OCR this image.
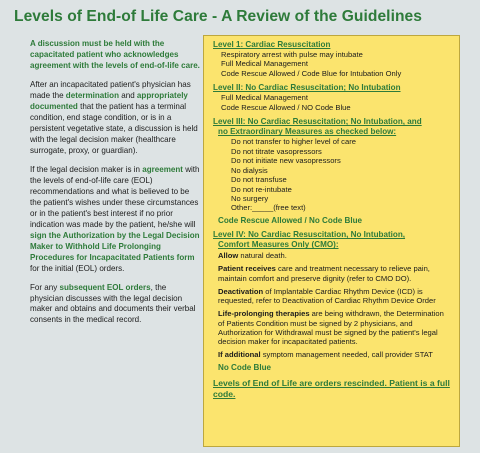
Levels of End-of Life Care - A Review of the Guidelines

A discussion must be held with the capacitated patient who acknowledges agreement with the levels of end-of-life care.

After an incapacitated patient's physician has made the determination and appropriately documented that the patient has a terminal condition, end stage condition, or is in a persistent vegetative state, a discussion is held with the legal decision maker (healthcare surrogate, proxy, or guardian).

If the legal decision maker is in agreement with the levels of end-of-life care (EOL) recommendations and what is believed to be the patient's wishes under these circumstances or in the patient's best interest if no prior indication was made by the patient, he/she will sign the Authorization by the Legal Decision Maker to Withhold Life Prolonging Procedures for Incapacitated Patients form for the initial (EOL) orders.

For any subsequent EOL orders, the physician discusses with the legal decision maker and obtains and documents their verbal consents in the medical record.

Level 1: Cardiac Resuscitation
Respiratory arrest with pulse may intubate
Full Medical Management
Code Rescue Allowed / Code Blue for Intubation Only
Level II: No Cardiac Resuscitation; No Intubation
Full Medical Management
Code Rescue Allowed / NO Code Blue
Level III: No Cardiac Resuscitation; No Intubation, and
no Extraordinary Measures as checked below:
Do not transfer to higher level of care
Do not titrate vasopressors
Do not initiate new vasopressors
No dialysis
Do not transfuse
Do not re-intubate
No surgery
Other:_____(free text)
Code Rescue Allowed / No Code Blue
Level IV: No Cardiac Resuscitation, No Intubation,
Comfort Measures Only (CMO):

Allow natural death.

Patient receives care and treatment necessary to relieve pain, maintain comfort and preserve dignity (refer to CMO DO).

Deactivation of Implantable Cardiac Rhythm Device (ICD) is requested, refer to Deactivation of Cardiac Rhythm Device Order

Life-prolonging therapies are being withdrawn, the Determination of Patients Condition must be signed by 2 physicians, and Authorization for Withdrawal must be signed by the patient's legal decision maker for incapacitated patients.

If additional symptom management needed, call provider STAT

No Code Blue
Levels of End of Life are orders rescinded. Patient is a full code.
